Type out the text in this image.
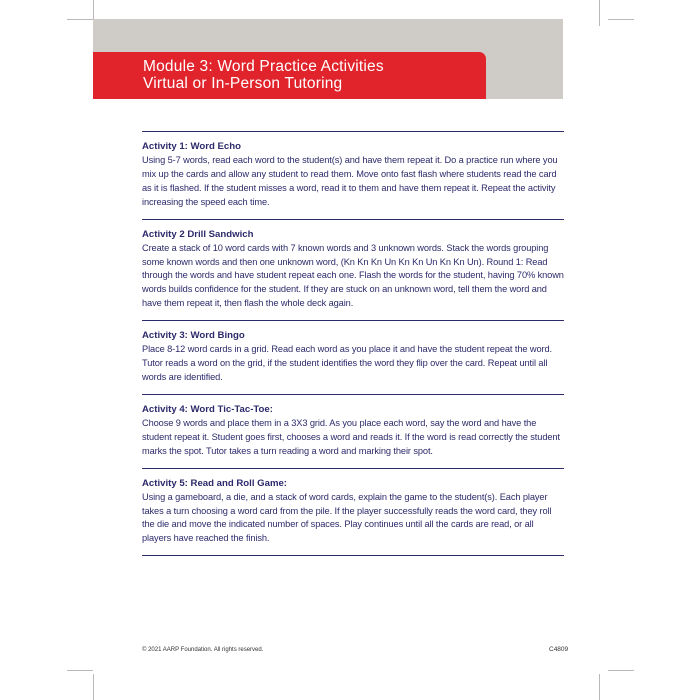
Module 3: Word Practice Activities
Virtual or In-Person Tutoring
Activity 1: Word Echo

Using 5-7 words, read each word to the student(s) and have them repeat it. Do a practice run where you mix up the cards and allow any student to read them. Move onto fast flash where students read the card as it is flashed. If the student misses a word, read it to them and have them repeat it. Repeat the activity increasing the speed each time.

Activity 2 Drill Sandwich

Create a stack of 10 word cards with 7 known words and 3 unknown words. Stack the words grouping some known words and then one unknown word, (Kn Kn Kn Un Kn Kn Un Kn Kn Un). Round 1: Read through the words and have student repeat each one. Flash the words for the student, having 70% known words builds confidence for the student. If they are stuck on an unknown word, tell them the word and have them repeat it, then flash the whole deck again.

Activity 3: Word Bingo

Place 8-12 word cards in a grid. Read each word as you place it and have the student repeat the word. Tutor reads a word on the grid, if the student identifies the word they flip over the card. Repeat until all words are identified.

Activity 4: Word Tic-Tac-Toe:

Choose 9 words and place them in a 3X3 grid. As you place each word, say the word and have the student repeat it. Student goes first, chooses a word and reads it. If the word is read correctly the student marks the spot. Tutor takes a turn reading a word and marking their spot.

Activity 5: Read and Roll Game:

Using a gameboard, a die, and a stack of word cards, explain the game to the student(s). Each player takes a turn choosing a word card from the pile. If the player successfully reads the word card, they roll the die and move the indicated number of spaces. Play continues until all the cards are read, or all players have reached the finish.

© 2021 AARP Foundation. All rights reserved.	C4809
